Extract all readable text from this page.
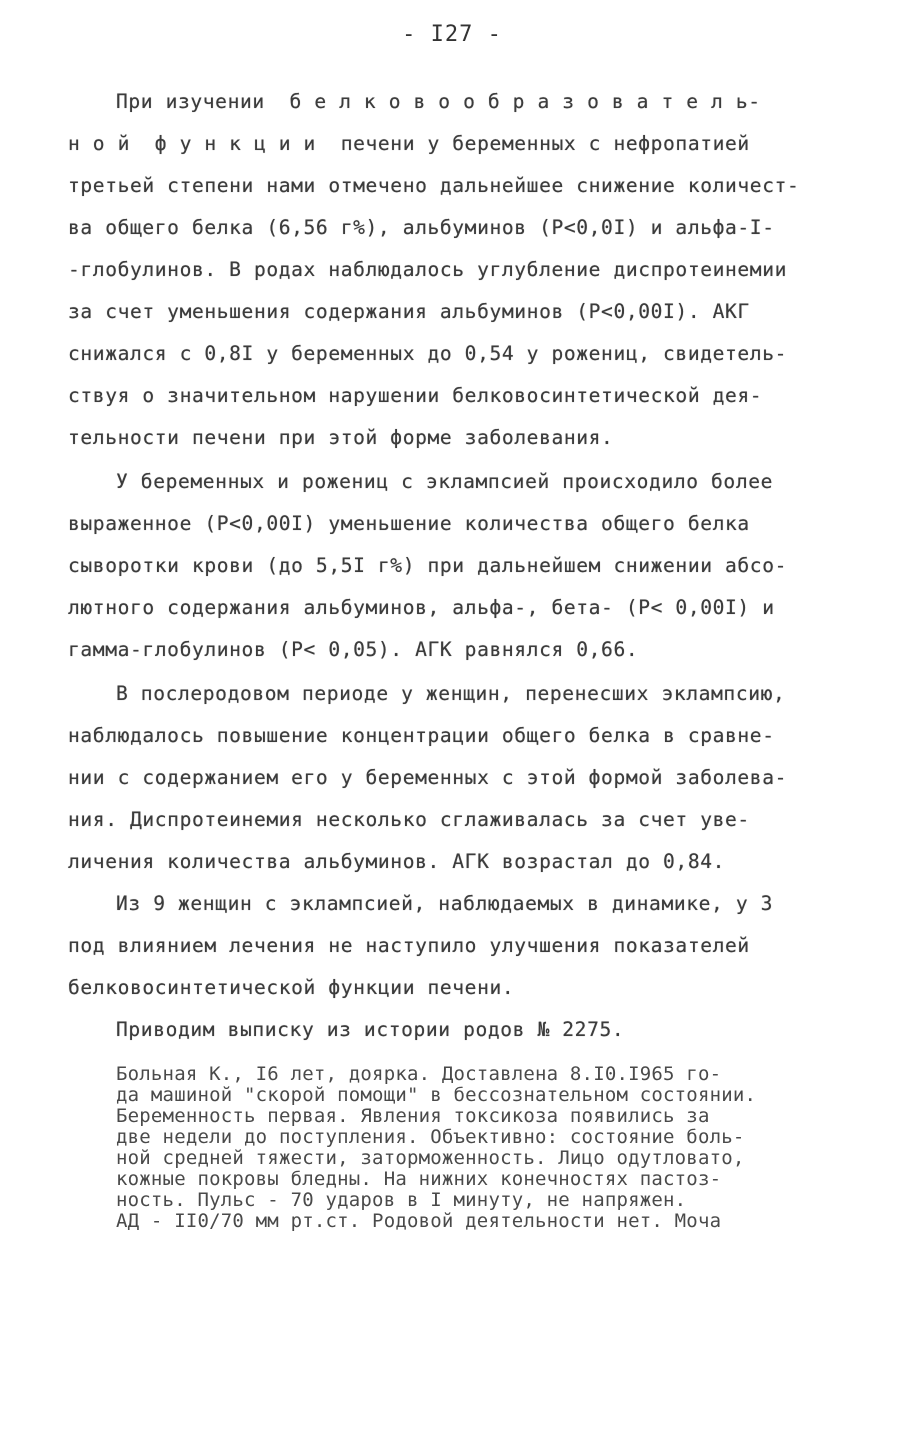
- I27 -
При изучении  б е л к о в о о б р а з о в а т е л ь-
н о й  ф у н к ц и и  печени у беременных с нефропатией
третьей степени нами отмечено дальнейшее снижение количест-
ва общего белка (6,56 г%), альбуминов (P<0,0I) и альфа-I-
-глобулинов. В родах наблюдалось углубление диспротеинемии
за счет уменьшения содержания альбуминов (P<0,00I). АКГ
снижался с 0,8I у беременных до 0,54 у рожениц, свидетель-
ствуя о значительном нарушении белковосинтетической дея-
тельности печени при этой форме заболевания.
У беременных и рожениц с эклампсией происходило более
выраженное (P<0,00I) уменьшение количества общего белка
сыворотки крови (до 5,5I г%) при дальнейшем снижении абсо-
лютного содержания альбуминов, альфа-, бета- (P< 0,00I) и
гамма-глобулинов (P< 0,05). АГК равнялся 0,66.
В послеродовом периоде у женщин, перенесших эклампсию,
наблюдалось повышение концентрации общего белка в сравне-
нии с содержанием его у беременных с этой формой заболева-
ния. Диспротеинемия несколько сглаживалась за счет уве-
личения количества альбуминов. АГК возрастал до 0,84.
Из 9 женщин с эклампсией, наблюдаемых в динамике, у 3
под влиянием лечения не наступило улучшения показателей
белковосинтетической функции печени.
Приводим выписку из истории родов № 2275.
Больная К., I6 лет, доярка. Доставлена 8.I0.I965 го-
да машиной "скорой помощи" в бессознательном состоянии.
Беременность первая. Явления токсикоза появились за
две недели до поступления. Объективно: состояние боль-
ной средней тяжести, заторможенность. Лицо одутловато,
кожные покровы бледны. На нижних конечностях пастоз-
ность. Пульс - 70 ударов в I минуту, не напряжен.
АД - II0/70 мм рт.ст. Родовой деятельности нет. Моча
